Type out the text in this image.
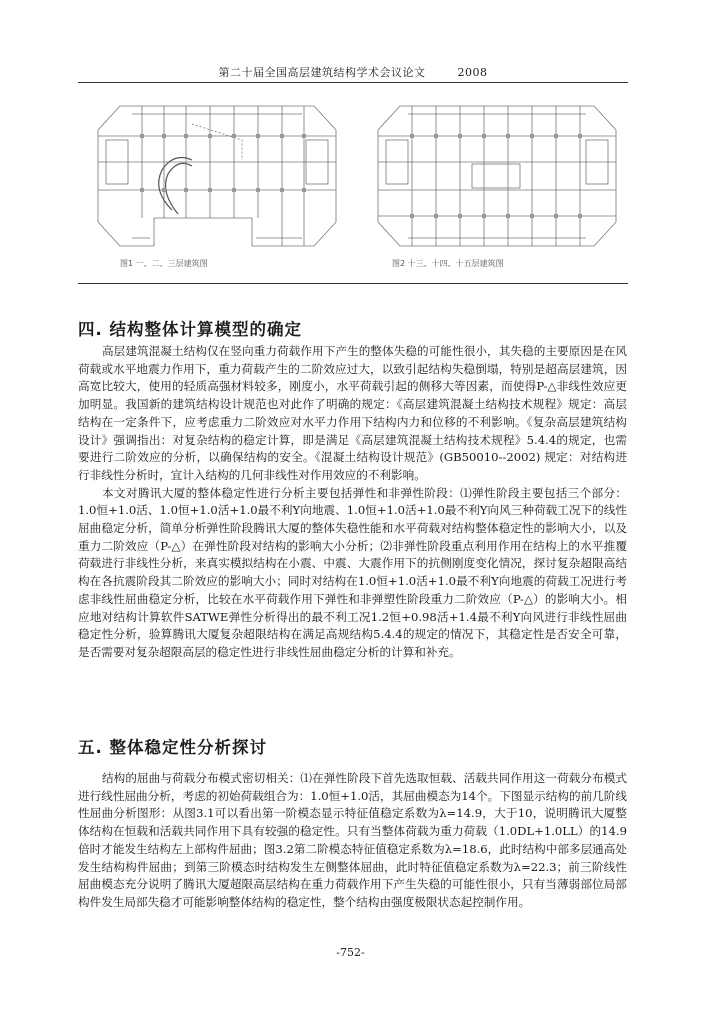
第二十届全国高层建筑结构学术会议论文	2008
图1 一、二、三层建筑图	图2 十三、十四、十五层建筑图
四. 结构整体计算模型的确定

高层建筑混凝土结构仅在竖向重力荷载作用下产生的整体失稳的可能性很小，其失稳的主要原因是在风荷载或水平地震力作用下，重力荷载产生的二阶效应过大，以致引起结构失稳倒塌，特别是超高层建筑，因高宽比较大，使用的轻质高强材料较多，刚度小，水平荷载引起的侧移大等因素，而使得P-△非线性效应更加明显。我国新的建筑结构设计规范也对此作了明确的规定：《高层建筑混凝土结构技术规程》规定：高层结构在一定条件下，应考虑重力二阶效应对水平力作用下结构内力和位移的不利影响。《复杂高层建筑结构设计》强调指出：对复杂结构的稳定计算，即是满足《高层建筑混凝土结构技术规程》5.4.4的规定，也需要进行二阶效应的分析，以确保结构的安全。《混凝土结构设计规范》(GB50010--2002) 规定：对结构进行非线性分析时，宜计入结构的几何非线性对作用效应的不利影响。

本文对腾讯大厦的整体稳定性进行分析主要包括弹性和非弹性阶段：⑴弹性阶段主要包括三个部分：1.0恒+1.0活、1.0恒+1.0活+1.0最不利Y向地震、1.0恒+1.0活+1.0最不利Y向风三种荷载工况下的线性屈曲稳定分析，简单分析弹性阶段腾讯大厦的整体失稳性能和水平荷载对结构整体稳定性的影响大小，以及重力二阶效应（P-△）在弹性阶段对结构的影响大小分析；⑵非弹性阶段重点利用作用在结构上的水平推覆荷载进行非线性分析，来真实模拟结构在小震、中震、大震作用下的抗侧刚度变化情况，探讨复杂超限高结构在各抗震阶段其二阶效应的影响大小；同时对结构在1.0恒+1.0活+1.0最不利Y向地震的荷载工况进行考虑非线性屈曲稳定分析，比较在水平荷载作用下弹性和非弹塑性阶段重力二阶效应（P-△）的影响大小。相应地对结构计算软件SATWE弹性分析得出的最不利工况1.2恒+0.98活+1.4最不利Y向风进行非线性屈曲稳定性分析，验算腾讯大厦复杂超限结构在满足高规结构5.4.4的规定的情况下，其稳定性是否安全可靠，是否需要对复杂超限高层的稳定性进行非线性屈曲稳定分析的计算和补充。

五. 整体稳定性分析探讨

结构的屈曲与荷载分布模式密切相关：⑴在弹性阶段下首先选取恒载、活载共同作用这一荷载分布模式进行线性屈曲分析，考虑的初始荷载组合为：1.0恒+1.0活，其屈曲模态为14个。下图显示结构的前几阶线性屈曲分析图形：从图3.1可以看出第一阶模态显示特征值稳定系数为λ=14.9，大于10，说明腾讯大厦整体结构在恒载和活载共同作用下具有较强的稳定性。只有当整体荷载为重力荷载（1.0DL+1.0LL）的14.9倍时才能发生结构左上部构件屈曲；图3.2第二阶模态特征值稳定系数为λ=18.6，此时结构中部多层通高处发生结构构件屈曲；到第三阶模态时结构发生左侧整体屈曲，此时特征值稳定系数为λ=22.3；前三阶线性屈曲模态充分说明了腾讯大厦超限高层结构在重力荷载作用下产生失稳的可能性很小，只有当薄弱部位局部构件发生局部失稳才可能影响整体结构的稳定性，整个结构由强度极限状态起控制作用。

-752-
